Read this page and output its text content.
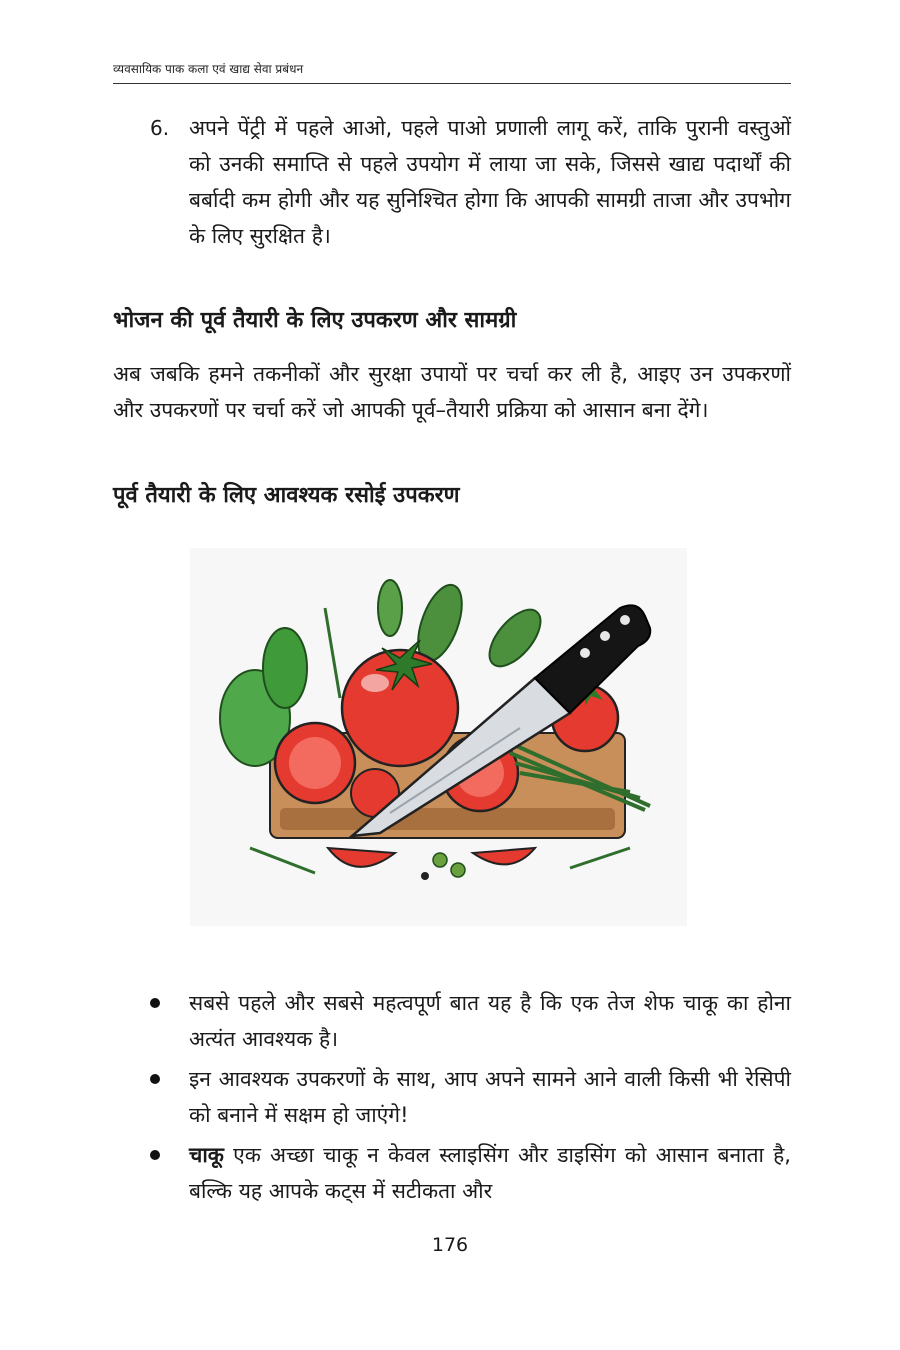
व्यवसायिक पाक कला एवं खाद्य सेवा प्रबंधन
6. अपने पेंट्री में पहले आओ, पहले पाओ प्रणाली लागू करें, ताकि पुरानी वस्तुओं को उनकी समाप्ति से पहले उपयोग में लाया जा सके, जिससे खाद्य पदार्थों की बर्बादी कम होगी और यह सुनिश्चित होगा कि आपकी सामग्री ताजा और उपभोग के लिए सुरक्षित है।
भोजन की पूर्व तैयारी के लिए उपकरण और सामग्री

अब जबकि हमने तकनीकों और सुरक्षा उपायों पर चर्चा कर ली है, आइए उन उपकरणों और उपकरणों पर चर्चा करें जो आपकी पूर्व–तैयारी प्रक्रिया को आसान बना देंगे।

पूर्व तैयारी के लिए आवश्यक रसोई उपकरण
सबसे पहले और सबसे महत्वपूर्ण बात यह है कि एक तेज शेफ चाकू का होना अत्यंत आवश्यक है।
इन आवश्यक उपकरणों के साथ, आप अपने सामने आने वाली किसी भी रेसिपी को बनाने में सक्षम हो जाएंगे!
चाकू एक अच्छा चाकू न केवल स्लाइसिंग और डाइसिंग को आसान बनाता है, बल्कि यह आपके कट्स में सटीकता और
176
